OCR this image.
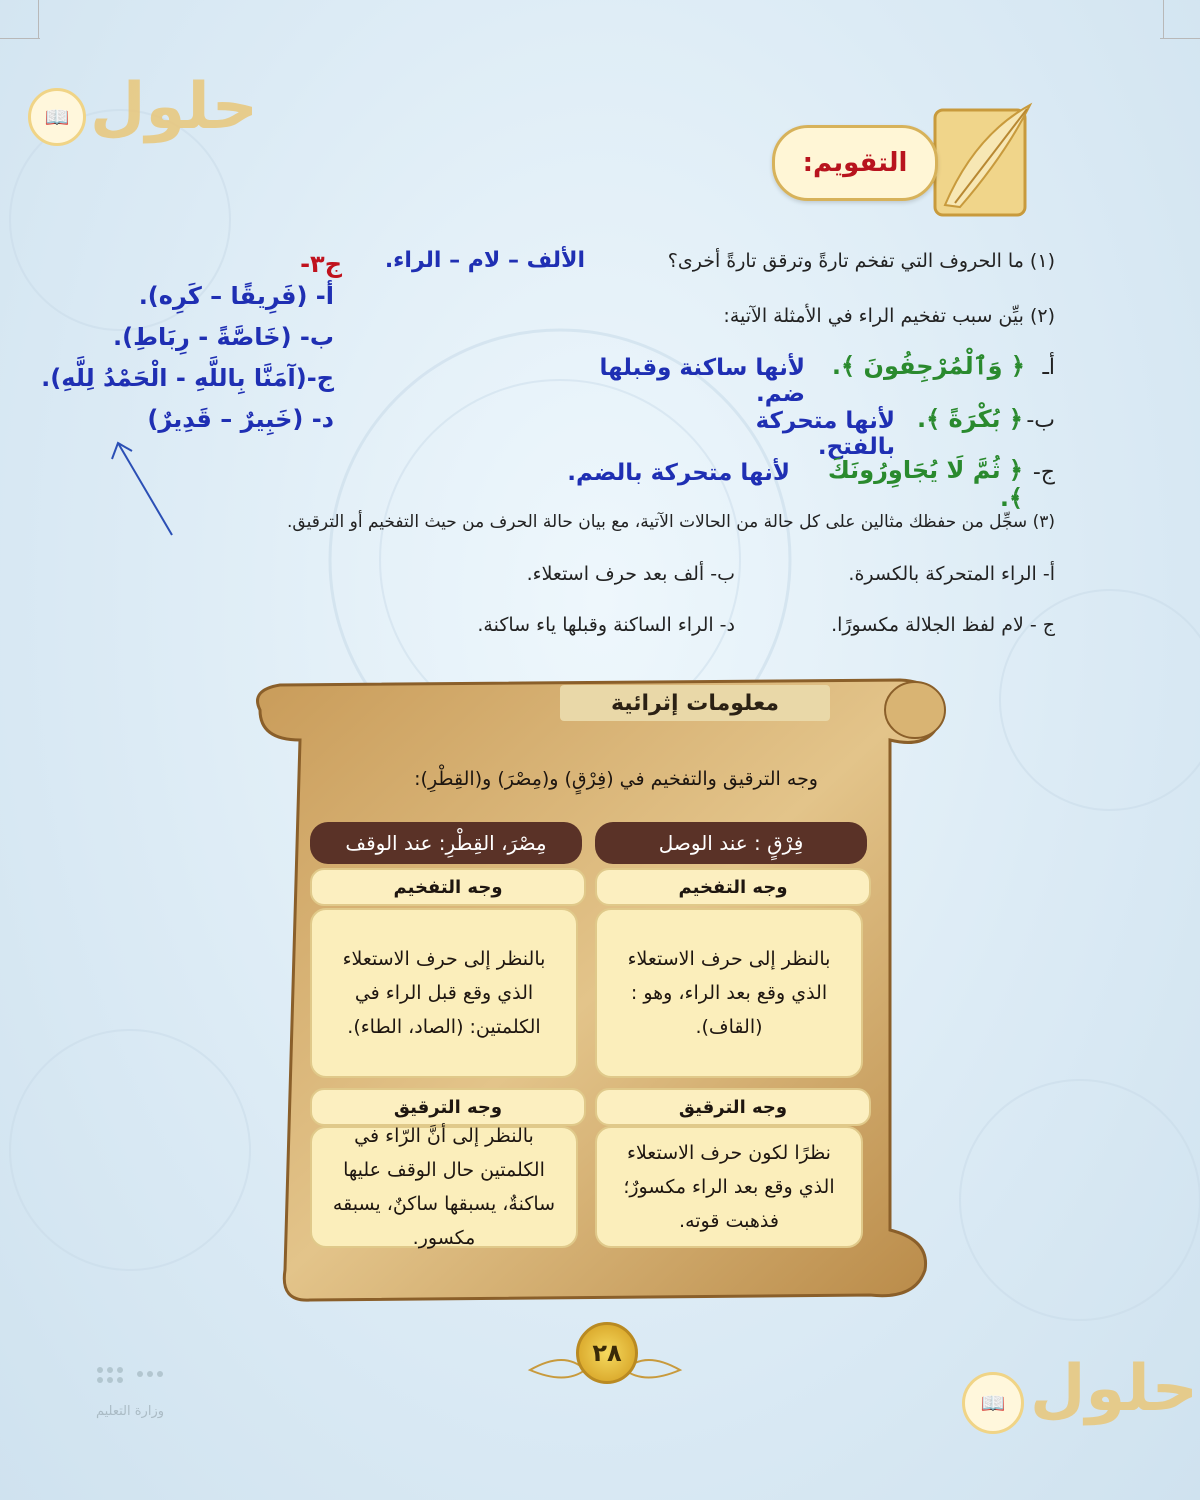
📖 حلول
📖 حلول
التقويم:
(١) ما الحروف التي تفخم تارةً وترقق تارةً أخرى؟
الألف – لام – الراء.
(٢) بيِّن سبب تفخيم الراء في الأمثلة الآتية:
أـ
﴿ وَٱلْمُرْجِفُونَ ﴾.
لأنها ساكنة وقبلها ضم.
ب-
﴿ بُكْرَةً ﴾.
لأنها متحركة بالفتح.
ج-
﴿ ثُمَّ لَا يُجَاوِرُونَكَ ﴾.
لأنها متحركة بالضم.
(٣) سجِّل من حفظك مثالين على كل حالة من الحالات الآتية، مع بيان حالة الحرف من حيث التفخيم أو الترقيق.
أ- الراء المتحركة بالكسرة.
ب- ألف بعد حرف استعلاء.
ج - لام لفظ الجلالة مكسورًا.
د- الراء الساكنة وقبلها ياء ساكنة.
ج٣-
أ- (فَرِيقًا – كَرِه).
ب- (خَاصَّةً - رِبَاطِ).
ج-(آمَنَّا بِاللَّهِ - الْحَمْدُ لِلَّهِ).
د- (خَبِيرٌ – قَدِيرٌ)
معلومات إثرائية
وجه الترقيق والتفخيم في (فِرْقٍ) و(مِصْرَ) و(القِطْرِ):
فِرْقٍ : عند الوصل
مِصْرَ، القِطْرِ: عند الوقف
وجه التفخيم
وجه التفخيم
بالنظر إلى حرف الاستعلاء الذي وقع بعد الراء، وهو : (القاف).
بالنظر إلى حرف الاستعلاء الذي وقع قبل الراء في الكلمتين: (الصاد، الطاء).
وجه الترقيق
وجه الترقيق
نظرًا لكون حرف الاستعلاء الذي وقع بعد الراء مكسورٌ؛ فذهبت قوته.
بالنظر إلى أنَّ الرّاء في الكلمتين حال الوقف عليها ساكنةٌ، يسبقها ساكنٌ، يسبقه مكسور.
٢٨
وزارة التعليم
